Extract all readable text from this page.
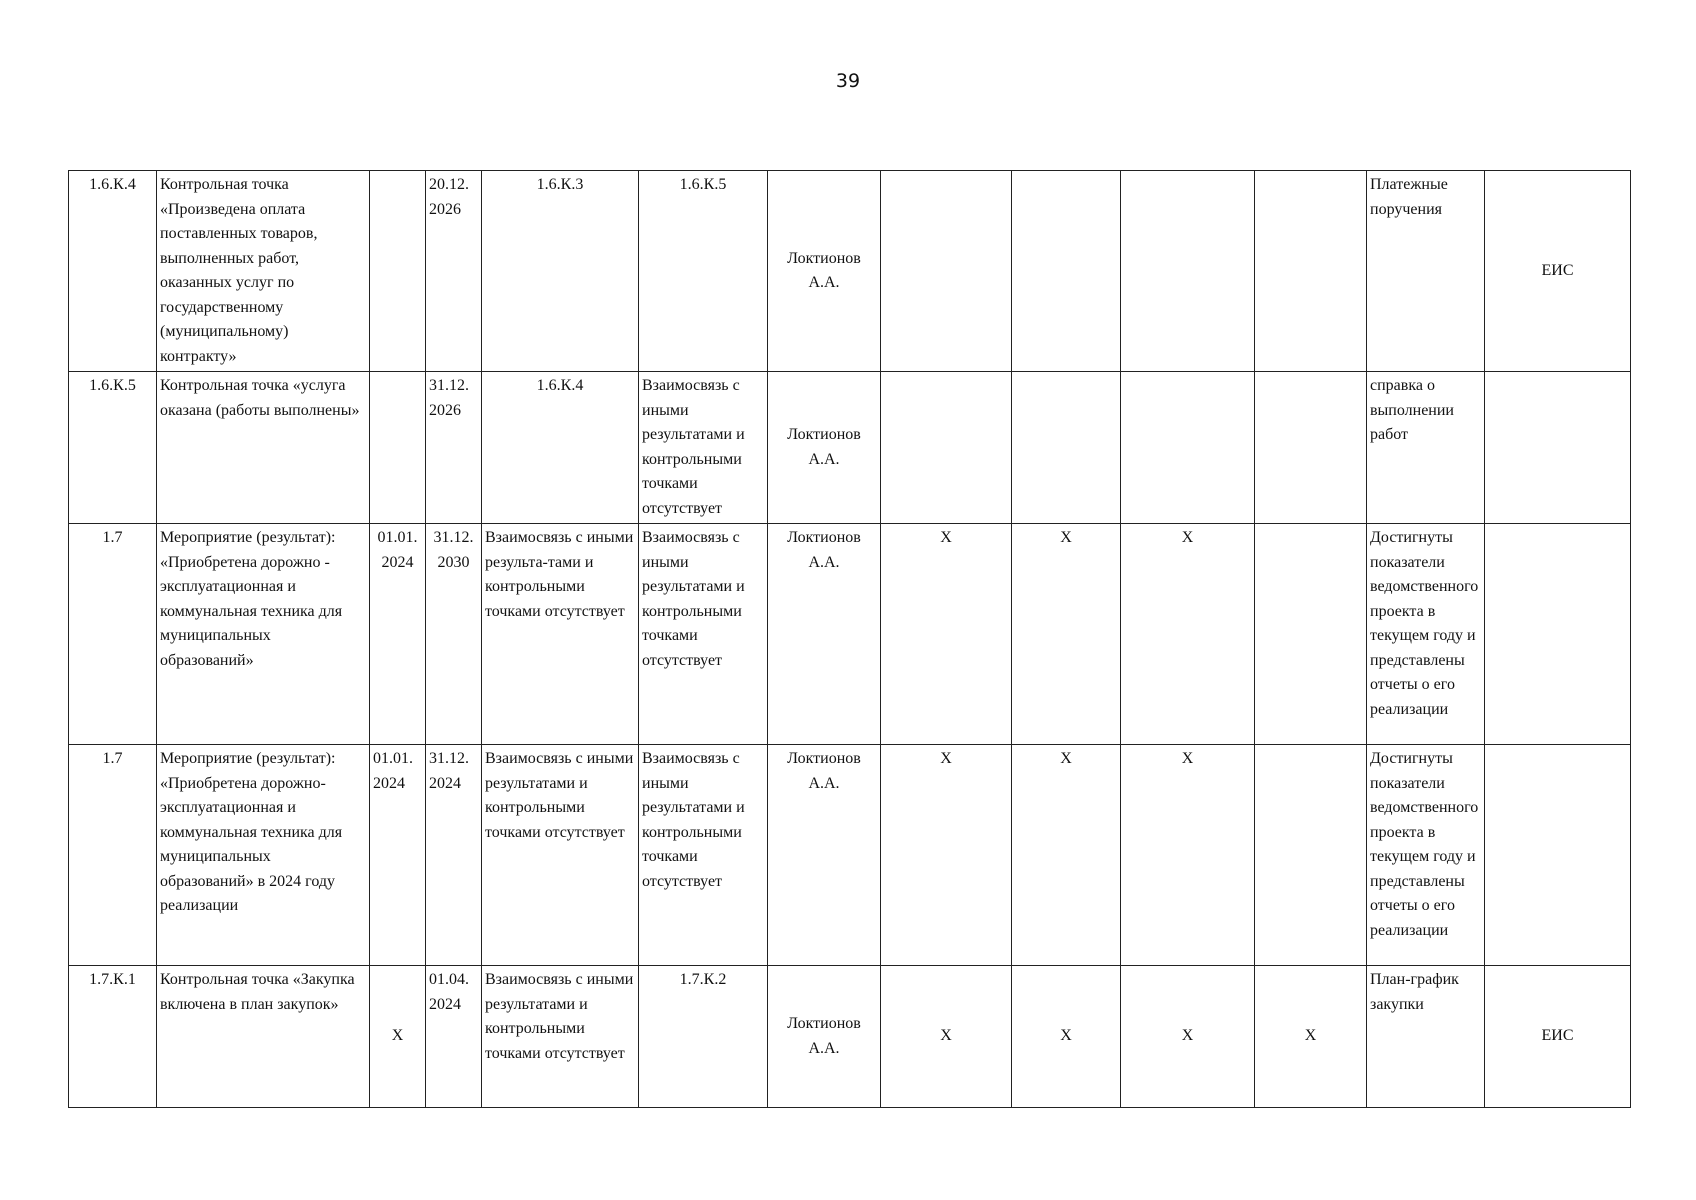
39
1.6.К.4	Контрольная точка «Произведена оплата поставленных товаров, выполненных работ, оказанных услуг по государственному (муниципальному) контракту»		20.12. 2026	1.6.К.3	1.6.К.5	Локтионов А.А.					Платежные поручения	ЕИС
1.6.К.5	Контрольная точка «услуга оказана (работы выполнены»		31.12. 2026	1.6.К.4	Взаимосвязь с иными результатами и контрольными точками отсутствует	Локтионов А.А.					справка о выполнении работ	
1.7	Мероприятие (результат): «Приобретена дорожно - эксплуатационная и коммунальная техника для муниципальных образований»	01.01. 2024	31.12. 2030	Взаимосвязь с иными результа-тами и контрольными точками отсутствует	Взаимосвязь с иными результатами и контрольными точками отсутствует	Локтионов А.А.	X	X	X		Достигнуты показатели ведомственного проекта в текущем году и представлены отчеты о его реализации	
1.7	Мероприятие (результат): «Приобретена дорожно-эксплуатационная и коммунальная техника для муниципальных образований» в 2024 году реализации	01.01. 2024	31.12. 2024	Взаимосвязь с иными результатами и контрольными точками отсутствует	Взаимосвязь с иными результатами и контрольными точками отсутствует	Локтионов А.А.	X	X	X		Достигнуты показатели ведомственного проекта в текущем году и представлены отчеты о его реализации	
1.7.К.1	Контрольная точка «Закупка включена в план закупок»	X	01.04. 2024	Взаимосвязь с иными результатами и контрольными точками отсутствует	1.7.К.2	Локтионов А.А.	X	X	X	X	План-график закупки	ЕИС
